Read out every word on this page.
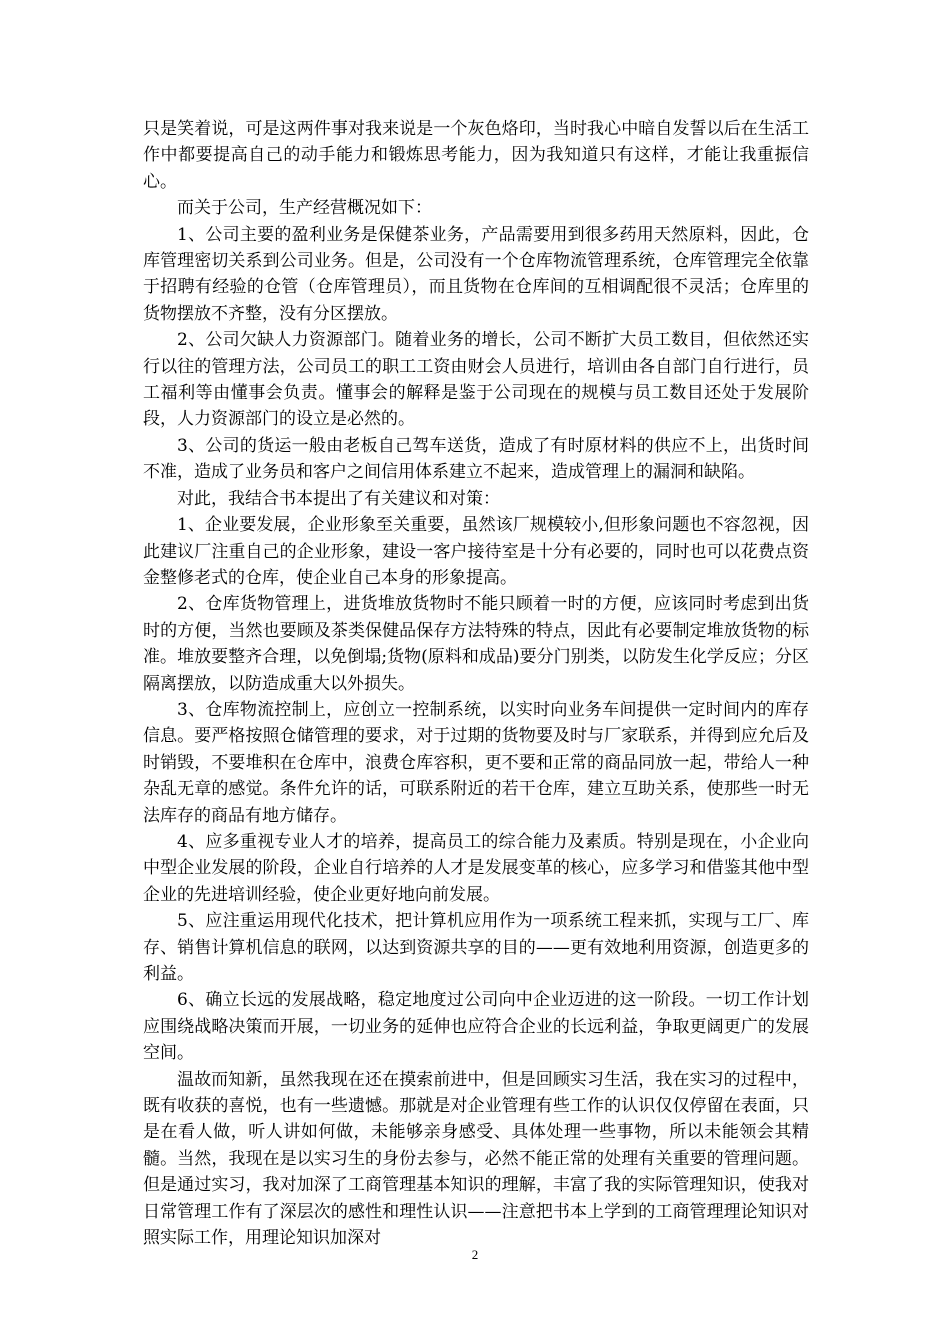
只是笑着说，可是这两件事对我来说是一个灰色烙印，当时我心中暗自发誓以后在生活工作中都要提高自己的动手能力和锻炼思考能力，因为我知道只有这样，才能让我重振信心。

而关于公司，生产经营概况如下：

1、公司主要的盈利业务是保健茶业务，产品需要用到很多药用天然原料，因此，仓库管理密切关系到公司业务。但是，公司没有一个仓库物流管理系统，仓库管理完全依靠于招聘有经验的仓管（仓库管理员），而且货物在仓库间的互相调配很不灵活；仓库里的货物摆放不齐整，没有分区摆放。

2、公司欠缺人力资源部门。随着业务的增长，公司不断扩大员工数目，但依然还实行以往的管理方法，公司员工的职工工资由财会人员进行，培训由各自部门自行进行，员工福利等由懂事会负责。懂事会的解释是鉴于公司现在的规模与员工数目还处于发展阶段，人力资源部门的设立是必然的。

3、公司的货运一般由老板自己驾车送货，造成了有时原材料的供应不上，出货时间不准，造成了业务员和客户之间信用体系建立不起来，造成管理上的漏洞和缺陷。

对此，我结合书本提出了有关建议和对策：

1、企业要发展，企业形象至关重要，虽然该厂规模较小,但形象问题也不容忽视，因此建议厂注重自己的企业形象，建设一客户接待室是十分有必要的，同时也可以花费点资金整修老式的仓库，使企业自己本身的形象提高。

2、仓库货物管理上，进货堆放货物时不能只顾着一时的方便，应该同时考虑到出货时的方便，当然也要顾及茶类保健品保存方法特殊的特点，因此有必要制定堆放货物的标准。堆放要整齐合理，以免倒塌;货物(原料和成品)要分门别类，以防发生化学反应；分区隔离摆放，以防造成重大以外损失。

3、仓库物流控制上，应创立一控制系统，以实时向业务车间提供一定时间内的库存信息。要严格按照仓储管理的要求，对于过期的货物要及时与厂家联系，并得到应允后及时销毁，不要堆积在仓库中，浪费仓库容积，更不要和正常的商品同放一起，带给人一种杂乱无章的感觉。条件允许的话，可联系附近的若干仓库，建立互助关系，使那些一时无法库存的商品有地方储存。

4、应多重视专业人才的培养，提高员工的综合能力及素质。特别是现在，小企业向中型企业发展的阶段，企业自行培养的人才是发展变革的核心，应多学习和借鉴其他中型企业的先进培训经验，使企业更好地向前发展。

5、应注重运用现代化技术，把计算机应用作为一项系统工程来抓，实现与工厂、库存、销售计算机信息的联网，以达到资源共享的目的——更有效地利用资源，创造更多的利益。

6、确立长远的发展战略，稳定地度过公司向中企业迈进的这一阶段。一切工作计划应围绕战略决策而开展，一切业务的延伸也应符合企业的长远利益，争取更阔更广的发展空间。

温故而知新，虽然我现在还在摸索前进中，但是回顾实习生活，我在实习的过程中，既有收获的喜悦，也有一些遗憾。那就是对企业管理有些工作的认识仅仅停留在表面，只是在看人做，听人讲如何做，未能够亲身感受、具体处理一些事物，所以未能领会其精髓。当然，我现在是以实习生的身份去参与，必然不能正常的处理有关重要的管理问题。但是通过实习，我对加深了工商管理基本知识的理解，丰富了我的实际管理知识，使我对日常管理工作有了深层次的感性和理性认识——注意把书本上学到的工商管理理论知识对照实际工作，用理论知识加深对

2
